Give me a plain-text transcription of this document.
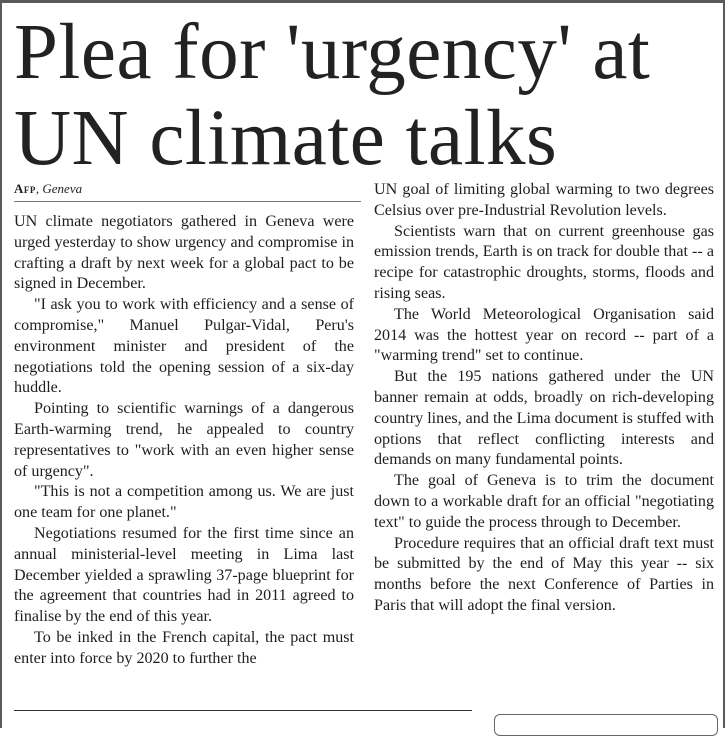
Plea for 'urgency' at
UN climate talks
Afp, Geneva

UN climate negotiators gathered in Geneva were urged yesterday to show urgency and compromise in crafting a draft by next week for a global pact to be signed in December.

"I ask you to work with efficiency and a sense of compromise," Manuel Pulgar-Vidal, Peru's environment minister and president of the negotiations told the opening session of a six-day huddle.

Pointing to scientific warnings of a dangerous Earth-warming trend, he appealed to country representatives to "work with an even higher sense of urgency".

"This is not a competition among us. We are just one team for one planet."

Negotiations resumed for the first time since an annual ministerial-level meeting in Lima last December yielded a sprawling 37-page blueprint for the agreement that countries had in 2011 agreed to finalise by the end of this year.

To be inked in the French capital, the pact must enter into force by 2020 to further the

UN goal of limiting global warming to two degrees Celsius over pre-Industrial Revolution levels.

Scientists warn that on current greenhouse gas emission trends, Earth is on track for double that -- a recipe for catastrophic droughts, storms, floods and rising seas.

The World Meteorological Organisation said 2014 was the hottest year on record -- part of a "warming trend" set to continue.

But the 195 nations gathered under the UN banner remain at odds, broadly on rich-developing country lines, and the Lima document is stuffed with options that reflect conflicting interests and demands on many fundamental points.

The goal of Geneva is to trim the document down to a workable draft for an official "negotiating text" to guide the process through to December.

Procedure requires that an official draft text must be submitted by the end of May this year -- six months before the next Conference of Parties in Paris that will adopt the final version.
